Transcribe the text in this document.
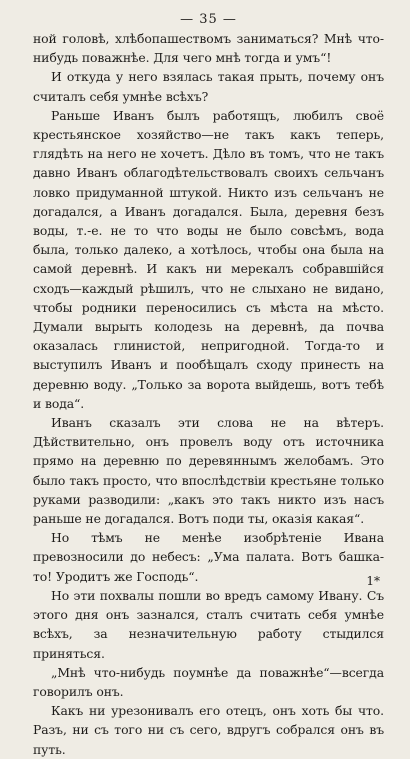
— 35 —

ной головѣ, хлѣбопашествомъ заниматься? Мнѣ что-нибудь поважнѣе. Для чего мнѣ тогда и умъ“!

И откуда у него взялась такая прыть, почему онъ считалъ себя умнѣе всѣхъ?

Раньше Иванъ былъ работящъ, любилъ своё крестьянское хозяйство—не такъ какъ теперь, глядѣть на него не хочетъ. Дѣло въ томъ, что не такъ давно Иванъ облагодѣтельствовалъ своихъ сельчанъ ловко придуманной штукой. Никто изъ сельчанъ не догадался, а Иванъ догадался. Была, деревня безъ воды, т.-е. не то что воды не было совсѣмъ, вода была, только далеко, а хотѣлось, чтобы она была на самой деревнѣ. И какъ ни мерекалъ собравшійся сходъ—каждый рѣшилъ, что не слыхано не видано, чтобы родники переносились съ мѣста на мѣсто. Думали вырыть колодезь на деревнѣ, да почва оказалась глинистой, непригодной. Тогда-то и выступилъ Иванъ и пообѣщалъ сходу принесть на деревню воду. „Только за ворота выйдешь, вотъ тебѣ и вода“.

Иванъ сказалъ эти слова не на вѣтеръ. Дѣйствительно, онъ провелъ воду отъ источника прямо на деревню по деревяннымъ желобамъ. Это было такъ просто, что впослѣдствіи крестьяне только руками разводили: „какъ это такъ никто изъ насъ раньше не догадался. Вотъ поди ты, оказія какая“.

Но тѣмъ не менѣе изобрѣтеніе Ивана превозносили до небесъ: „Ума палата. Вотъ башка-то! Уродитъ же Господь“.

Но эти похвалы пошли во вредъ самому Ивану. Съ этого дня онъ зазнался, сталъ считать себя умнѣе всѣхъ, за незначительную работу стыдился приняться.

„Мнѣ что-нибудь поумнѣе да поважнѣе“—всегда говорилъ онъ.

Какъ ни урезонивалъ его отецъ, онъ хоть бы что. Разъ, ни съ того ни съ сего, вдругъ собрался онъ въ путь.

1*
